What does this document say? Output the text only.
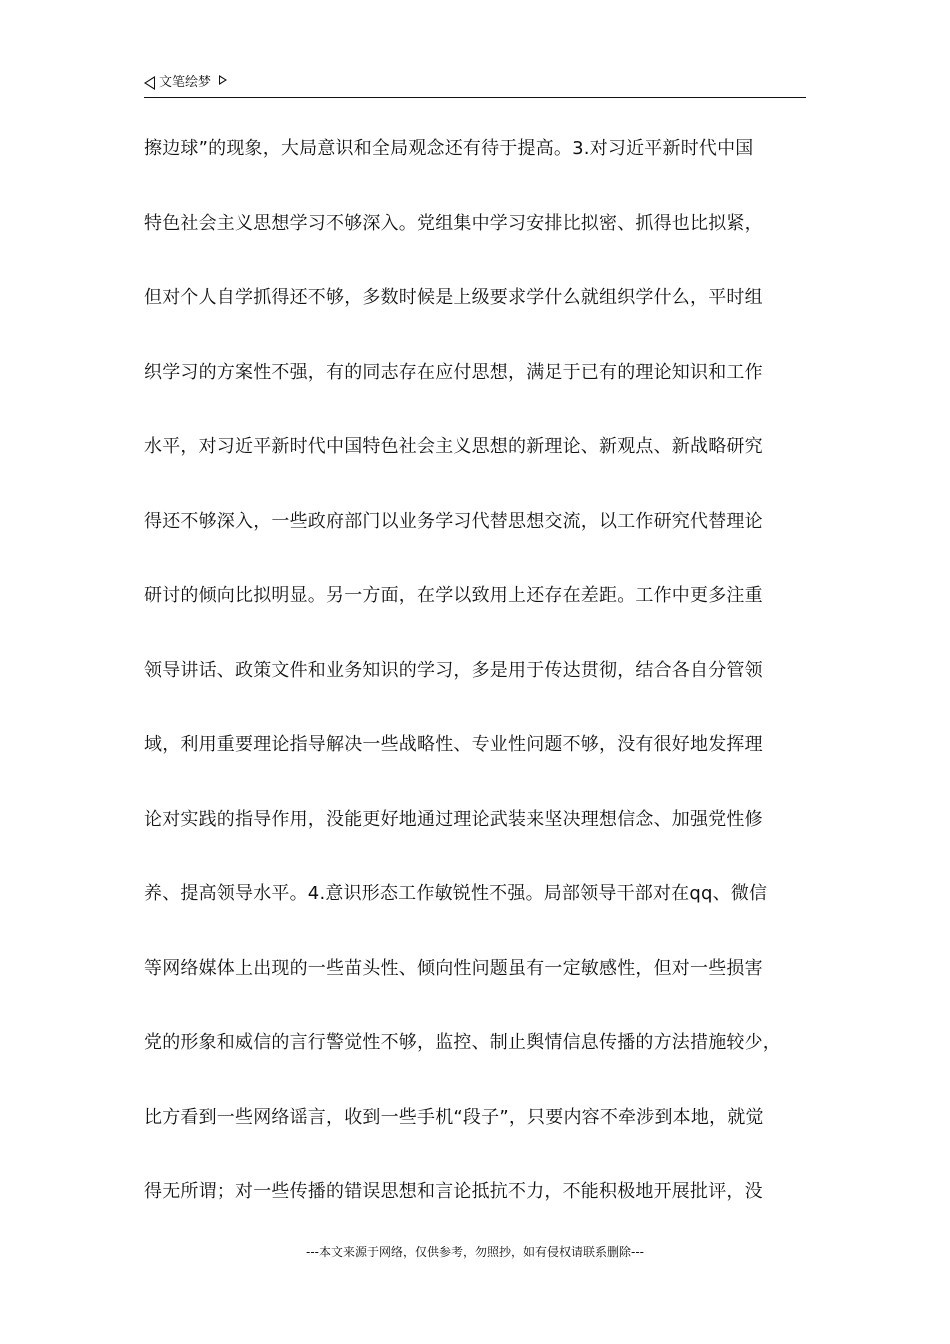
文笔绘梦
擦边球”的现象，大局意识和全局观念还有待于提高。3.对习近平新时代中国
特色社会主义思想学习不够深入。党组集中学习安排比拟密、抓得也比拟紧，
但对个人自学抓得还不够，多数时候是上级要求学什么就组织学什么，平时组
织学习的方案性不强，有的同志存在应付思想，满足于已有的理论知识和工作
水平，对习近平新时代中国特色社会主义思想的新理论、新观点、新战略研究
得还不够深入，一些政府部门以业务学习代替思想交流，以工作研究代替理论
研讨的倾向比拟明显。另一方面，在学以致用上还存在差距。工作中更多注重
领导讲话、政策文件和业务知识的学习，多是用于传达贯彻，结合各自分管领
域，利用重要理论指导解决一些战略性、专业性问题不够，没有很好地发挥理
论对实践的指导作用，没能更好地通过理论武装来坚决理想信念、加强党性修
养、提高领导水平。4.意识形态工作敏锐性不强。局部领导干部对在qq、微信
等网络媒体上出现的一些苗头性、倾向性问题虽有一定敏感性，但对一些损害
党的形象和威信的言行警觉性不够，监控、制止舆情信息传播的方法措施较少，
比方看到一些网络谣言，收到一些手机“段子”，只要内容不牵涉到本地，就觉
得无所谓；对一些传播的错误思想和言论抵抗不力，不能积极地开展批评，没
---本文来源于网络，仅供参考，勿照抄，如有侵权请联系删除---
